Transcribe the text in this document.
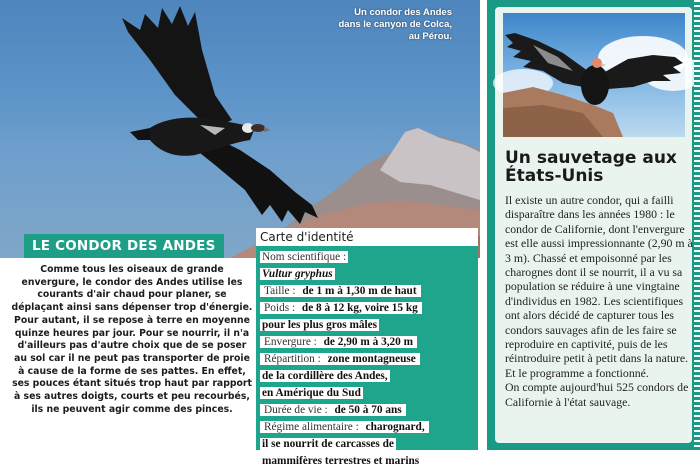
Un condor des Andes
dans le canyon de Colca,
au Pérou.
LE CONDOR DES ANDES
Comme tous les oiseaux de grande envergure, le condor des Andes utilise les courants d'air chaud pour planer, se déplaçant ainsi sans dépenser trop d'énergie. Pour autant, il se repose à terre en moyenne quinze heures par jour. Pour se nourrir, il n'a d'ailleurs pas d'autre choix que de se poser au sol car il ne peut pas transporter de proie à cause de la forme de ses pattes. En effet, ses pouces étant situés trop haut par rapport à ses autres doigts, courts et peu recourbés, ils ne peuvent agir comme des pinces.
Carte d'identité
Nom scientifique :
Vultur gryphus
Taille : de 1 m à 1,30 m de haut
Poids : de 8 à 12 kg, voire 15 kg
pour les plus gros mâles
Envergure : de 2,90 m à 3,20 m
Répartition : zone montagneuse
de la cordillère des Andes,
en Amérique du Sud
Durée de vie : de 50 à 70 ans
Régime alimentaire : charognard,
il se nourrit de carcasses de
mammifères terrestres et marins
Un sauvetage aux États-Unis
Il existe un autre condor, qui a failli disparaître dans les années 1980 : le condor de Californie, dont l'envergure est elle aussi impressionnante (2,90 m à 3 m). Chassé et empoisonné par les charognes dont il se nourrit, il a vu sa population se réduire à une vingtaine d'individus en 1982. Les scientifiques ont alors décidé de capturer tous les condors sauvages afin de les faire se reproduire en captivité, puis de les réintroduire petit à petit dans la nature.
Et le programme a fonctionné.
On compte aujourd'hui 525 condors de Californie à l'état sauvage.
